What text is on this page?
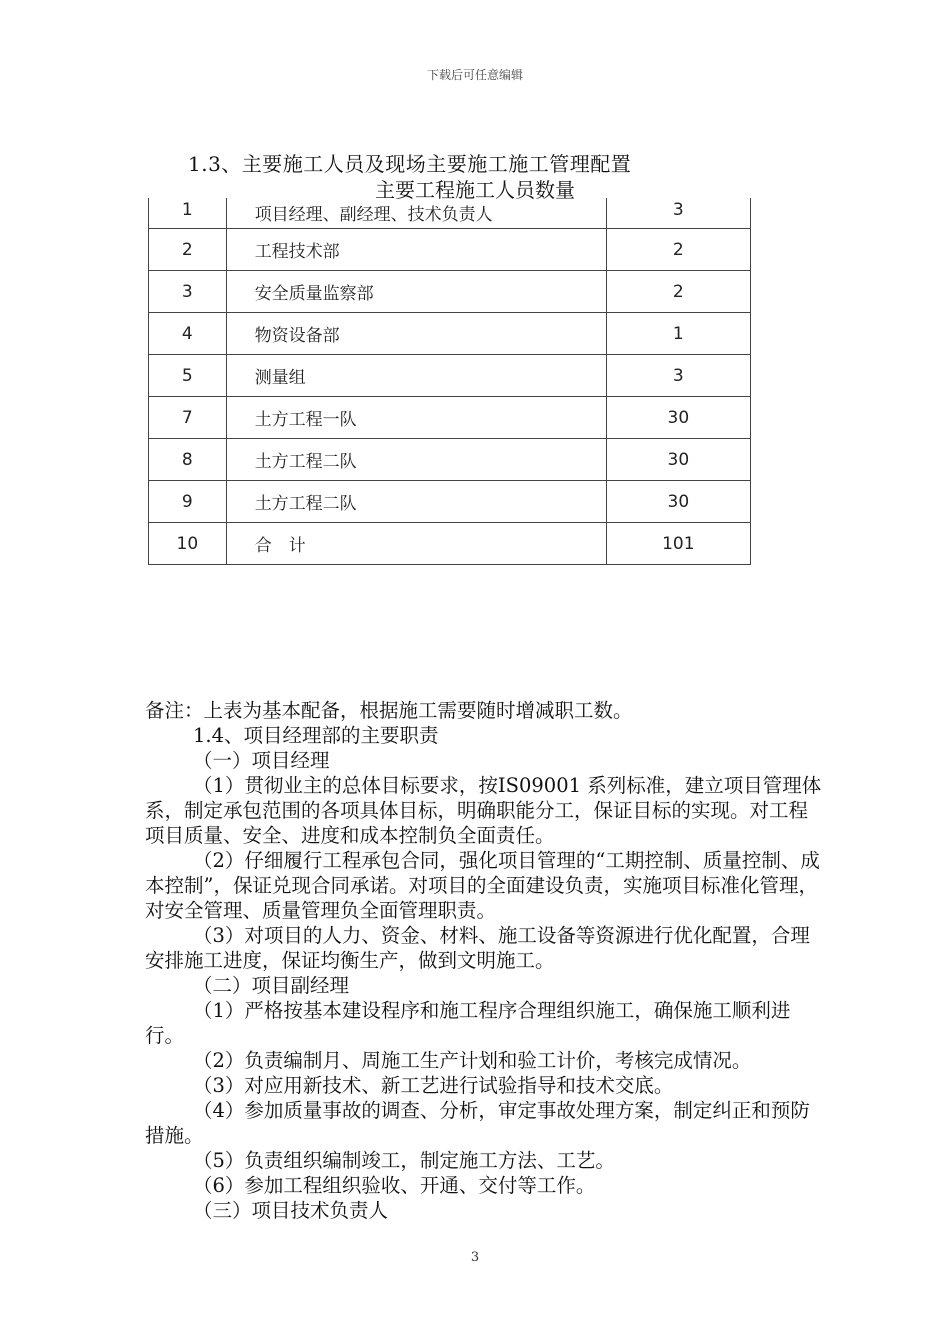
下载后可任意编辑
1.3、主要施工人员及现场主要施工施工管理配置
主要工程施工人员数量
1	项目经理、副经理、技术负责人	3
2	工程技术部	2
3	安全质量监察部	2
4	物资设备部	1
5	测量组	3
7	土方工程一队	30
8	土方工程二队	30
9	土方工程二队	30
10	合　计	101

备注：上表为基本配备，根据施工需要随时增减职工数。

1.4、项目经理部的主要职责

（一）项目经理

（1）贯彻业主的总体目标要求，按IS09001 系列标准，建立项目管理体系，制定承包范围的各项具体目标，明确职能分工，保证目标的实现。对工程项目质量、安全、进度和成本控制负全面责任。

（2）仔细履行工程承包合同，强化项目管理的“工期控制、质量控制、成本控制”，保证兑现合同承诺。对项目的全面建设负责，实施项目标准化管理，对安全管理、质量管理负全面管理职责。

（3）对项目的人力、资金、材料、施工设备等资源进行优化配置，合理安排施工进度，保证均衡生产，做到文明施工。

（二）项目副经理

（1）严格按基本建设程序和施工程序合理组织施工，确保施工顺利进行。

（2）负责编制月、周施工生产计划和验工计价，考核完成情况。

（3）对应用新技术、新工艺进行试验指导和技术交底。

（4）参加质量事故的调查、分析，审定事故处理方案，制定纠正和预防措施。

（5）负责组织编制竣工，制定施工方法、工艺。

（6）参加工程组织验收、开通、交付等工作。

（三）项目技术负责人

3
